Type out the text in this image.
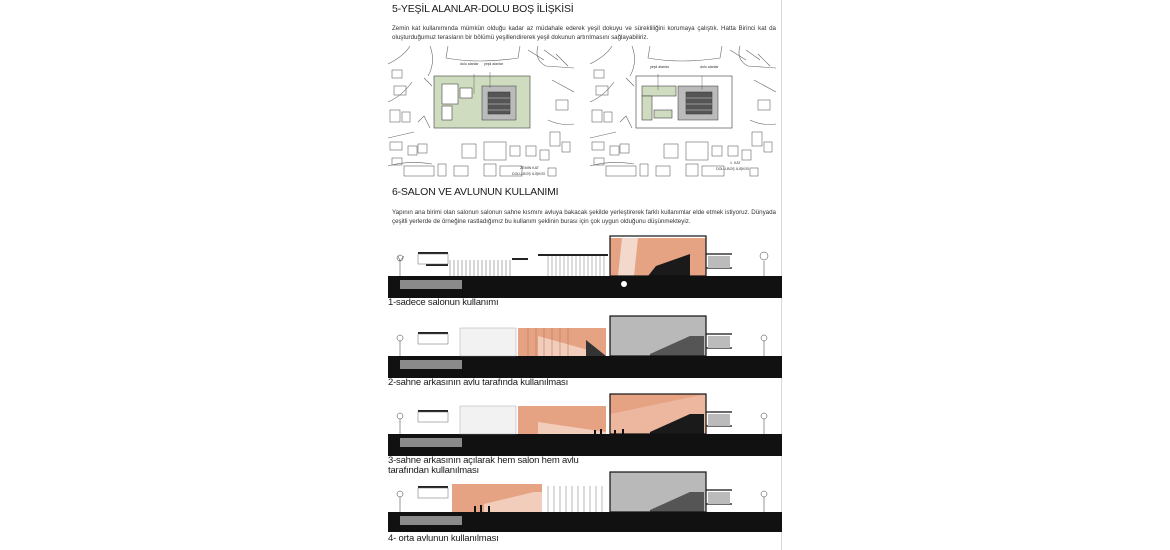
5-YEŞİL ALANLAR-DOLU BOŞ İLİŞKİSİ
Zemin kat kullanımında mümkün olduğu kadar az müdahale ederek yeşil dokuyu ve sürekliliğini korumaya çalıştık. Hatta Birinci kat da oluşturduğumuz terasların bir bölümü yeşillendirerek yeşil dokunun artırılmasını sağlayabiliriz.
dolu alanlar yeşil alanlar
ZEMİN KAT
DOLU-BOŞ İLİŞKİSİ
yeşil alanlar	dolu alanlar
1. KAT
DOLU-BOŞ İLİŞKİSİ
6-SALON VE AVLUNUN KULLANIMI
Yapının ana birimi olan salonun salonun sahne kısmını avluya bakacak şekilde yerleştirerek farklı kullanımlar elde etmek istiyoruz. Dünyada çeşitli yerlerde de örneğine rastladığımız bu kullanım şeklinin burası için çok uygun olduğunu düşünmekteyiz.
1-sadece salonun kullanımı
2-sahne arkasının avlu tarafında kullanılması
3-sahne arkasının açılarak hem salon hem avlu tarafından kullanılması
4- orta avlunun kullanılması
